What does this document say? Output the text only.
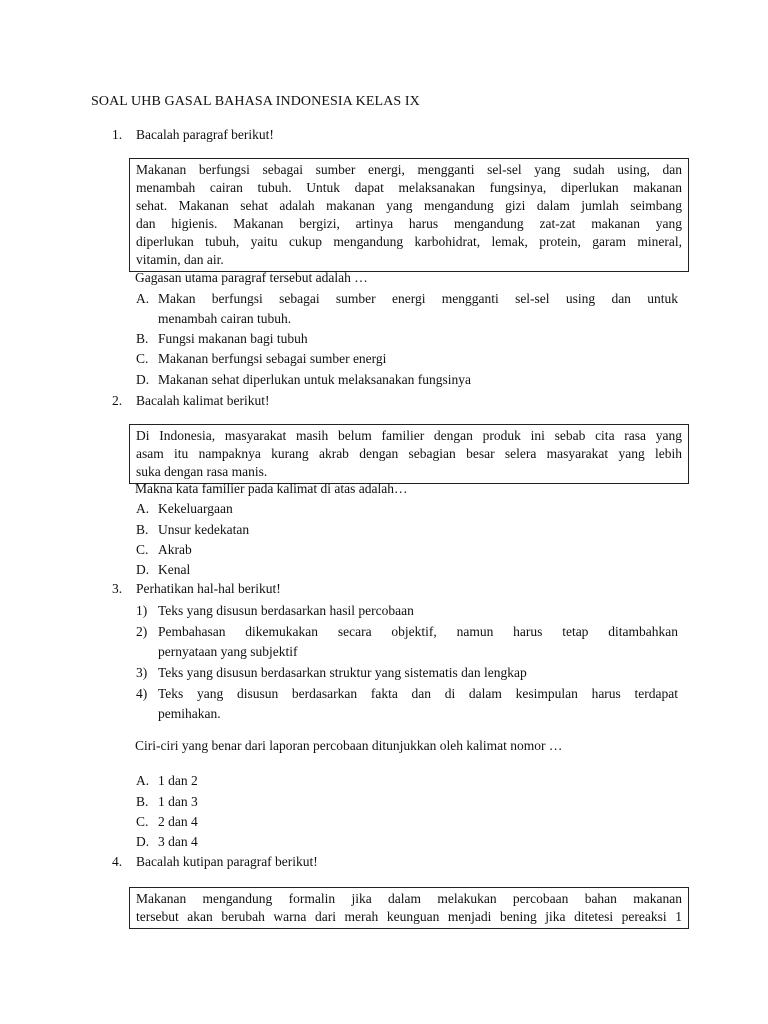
SOAL UHB GASAL BAHASA INDONESIA KELAS IX
1. Bacalah paragraf berikut!
Makanan berfungsi sebagai sumber energi, mengganti sel-sel yang sudah using, dan
menambah cairan tubuh. Untuk dapat melaksanakan fungsinya, diperlukan makanan
sehat. Makanan sehat adalah makanan yang mengandung gizi dalam jumlah seimbang
dan higienis. Makanan bergizi, artinya harus mengandung zat-zat makanan yang
diperlukan tubuh, yaitu cukup mengandung karbohidrat, lemak, protein, garam mineral,
vitamin, dan air.
Gagasan utama paragraf tersebut adalah …
A. Makan berfungsi sebagai sumber energi mengganti sel-sel using dan untuk
menambah cairan tubuh.
B. Fungsi makanan bagi tubuh
C. Makanan berfungsi sebagai sumber energi
D. Makanan sehat diperlukan untuk melaksanakan fungsinya
2. Bacalah kalimat berikut!
Di Indonesia, masyarakat masih belum familier dengan produk ini sebab cita rasa yang
asam itu nampaknya kurang akrab dengan sebagian besar selera masyarakat yang lebih
suka dengan rasa manis.
Makna kata familier pada kalimat di atas adalah…
A. Kekeluargaan
B. Unsur kedekatan
C. Akrab
D. Kenal
3. Perhatikan hal-hal berikut!
1) Teks yang disusun berdasarkan hasil percobaan
2) Pembahasan dikemukakan secara objektif, namun harus tetap ditambahkan
pernyataan yang subjektif
3) Teks yang disusun berdasarkan struktur yang sistematis dan lengkap
4) Teks yang disusun berdasarkan fakta dan di dalam kesimpulan harus terdapat
pemihakan.
Ciri-ciri yang benar dari laporan percobaan ditunjukkan oleh kalimat nomor …
A. 1 dan 2
B. 1 dan 3
C. 2 dan 4
D. 3 dan 4
4. Bacalah kutipan paragraf berikut!
Makanan mengandung formalin jika dalam melakukan percobaan bahan makanan
tersebut akan berubah warna dari merah keunguan menjadi bening jika ditetesi pereaksi 1
